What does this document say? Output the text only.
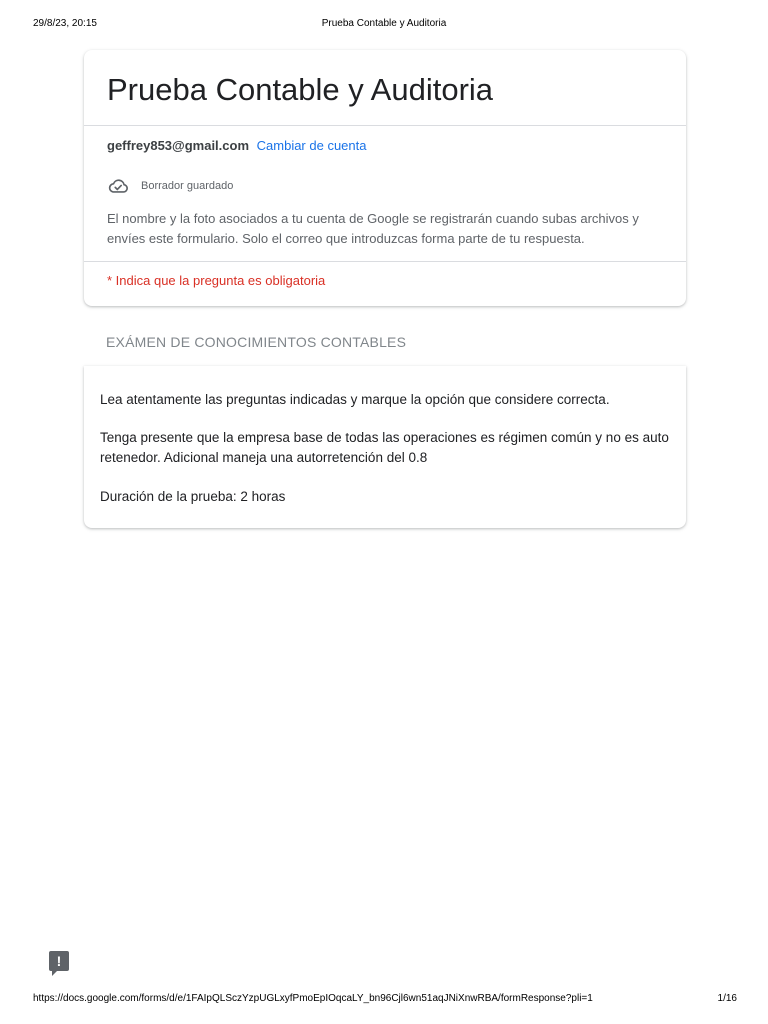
29/8/23, 20:15	Prueba Contable y Auditoria
Prueba Contable y Auditoria
geffrey853@gmail.com Cambiar de cuenta
Borrador guardado
El nombre y la foto asociados a tu cuenta de Google se registrarán cuando subas archivos y envíes este formulario. Solo el correo que introduzcas forma parte de tu respuesta.
* Indica que la pregunta es obligatoria
EXÁMEN DE CONOCIMIENTOS CONTABLES

Lea atentamente las preguntas indicadas y marque la opción que considere correcta.

Tenga presente que la empresa base de todas las operaciones es régimen común y no es auto retenedor. Adicional maneja una autorretención del 0.8

Duración de la prueba: 2 horas

!
https://docs.google.com/forms/d/e/1FAIpQLSczYzpUGLxyfPmoEpIOqcaLY_bn96Cjl6wn51aqJNiXnwRBA/formResponse?pli=1	1/16
